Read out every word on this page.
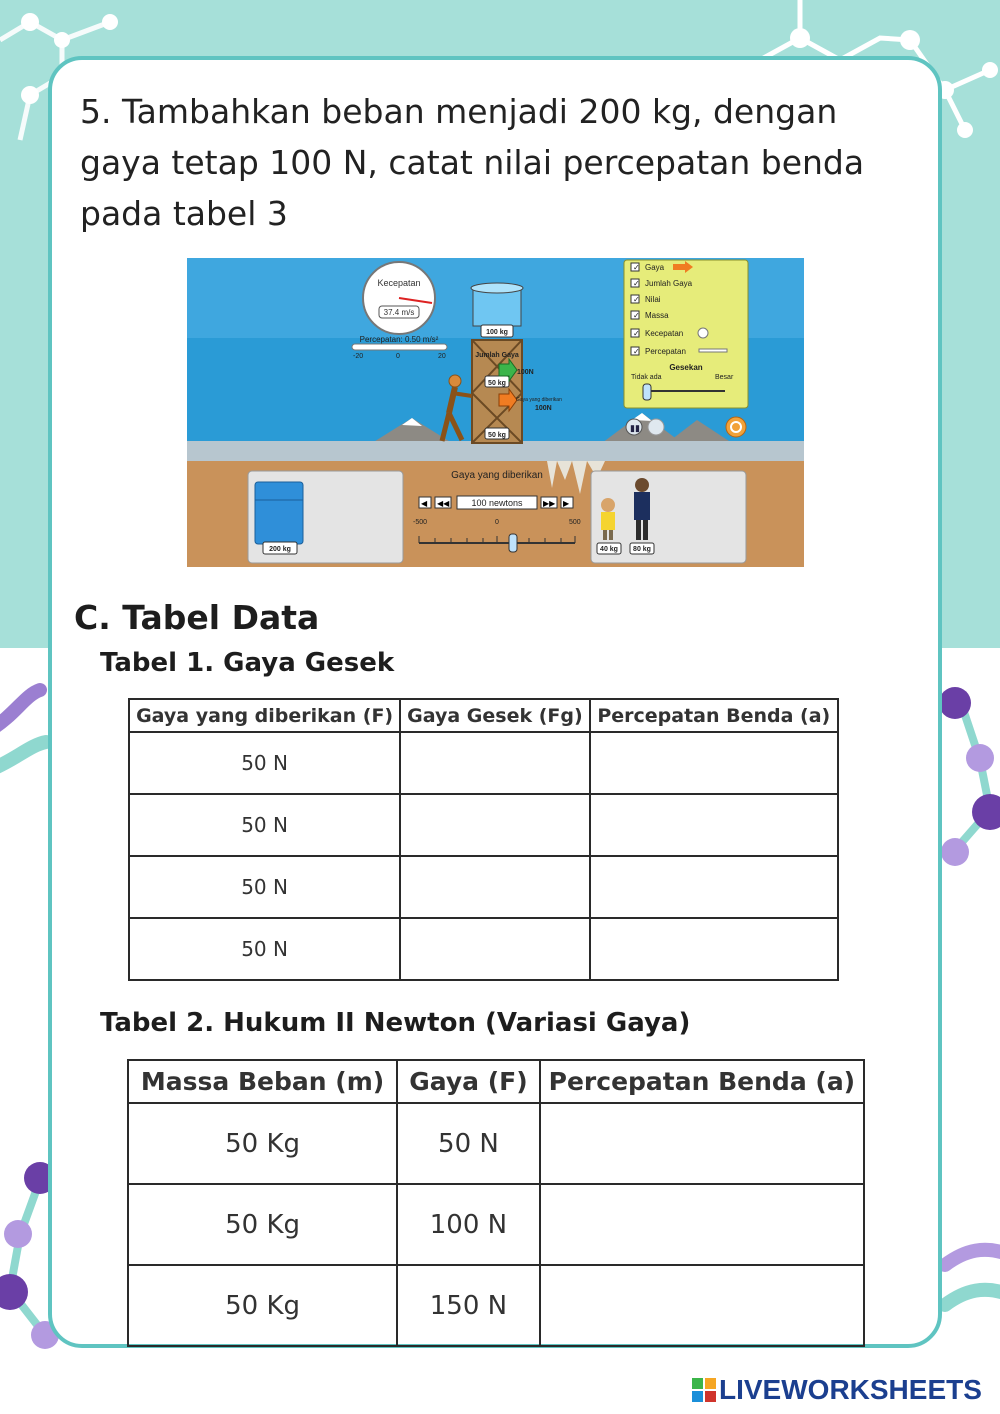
5. Tambahkan beban menjadi 200 kg, dengan gaya tetap 100 N, catat nilai percepatan benda pada tabel 3
Kecepatan
37.4 m/s
Percepatan: 0.50 m/s²
-20	0	20
100 kg
Jumlah Gaya
50 kg
100N
Gaya yang diberikan
100N
50 kg
✓ Gaya
✓ Jumlah Gaya
✓ Nilai
✓ Massa
✓ Kecepatan
✓ Percepatan
Gesekan
Tidak ada	Besar
▮▮
200 kg
Gaya yang diberikan
◀ ◀◀ 100 newtons	▶▶ ▶
-500	0	500
40 kg 80 kg
C. Tabel Data
Tabel 1. Gaya Gesek
Gaya yang diberikan (F)	Gaya Gesek (Fg)	Percepatan Benda (a)
50 N		
50 N		
50 N		
50 N		
Tabel 2. Hukum II Newton (Variasi Gaya)
Massa Beban (m)	Gaya (F)	Percepatan Benda (a)
50 Kg	50 N	
50 Kg	100 N	
50 Kg	150 N	
LIVEWORKSHEETS
